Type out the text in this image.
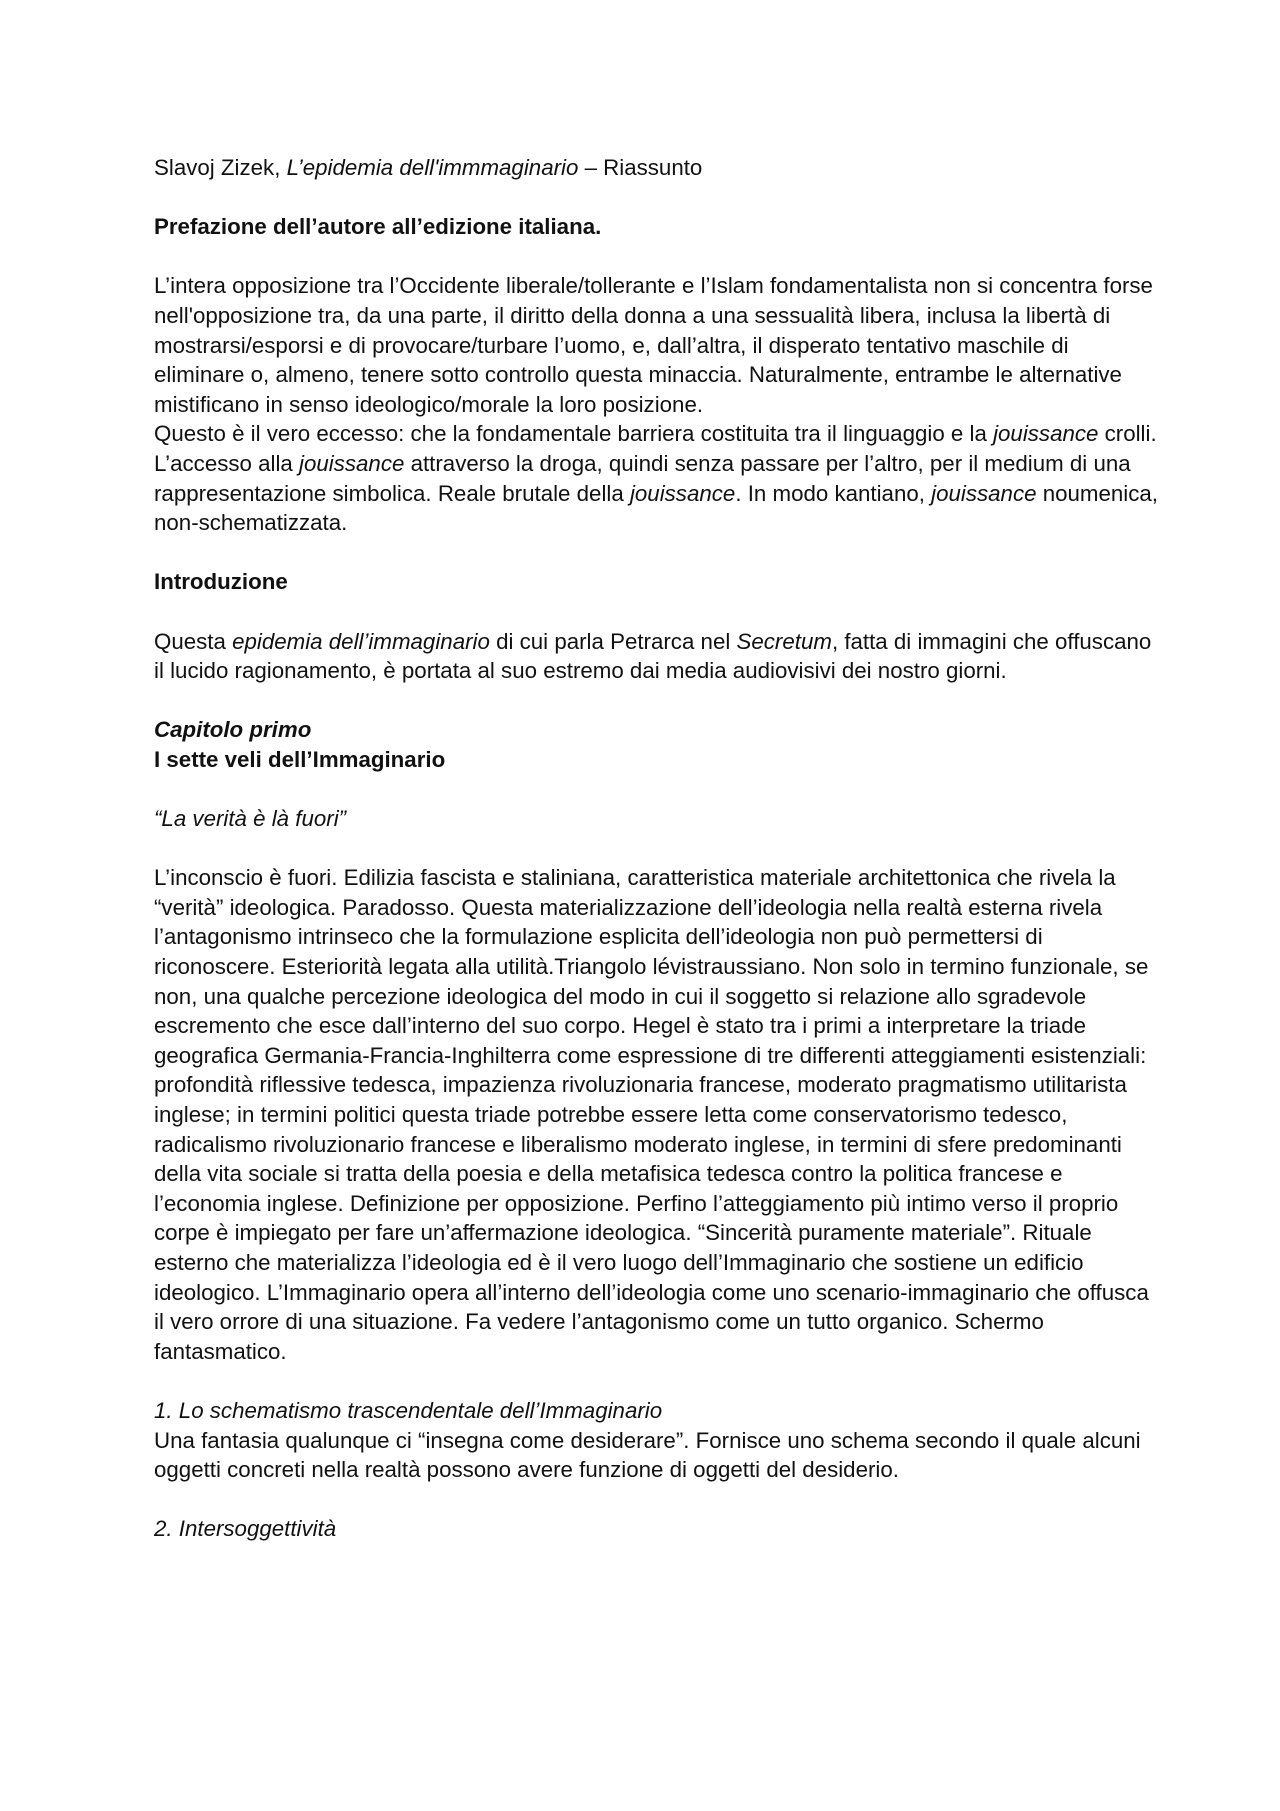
Slavoj Zizek, L’epidemia dell'immmaginario – Riassunto

Prefazione dell’autore all’edizione italiana.

L’intera opposizione tra l’Occidente liberale/tollerante e l’Islam fondamentalista non si concentra forse nell'opposizione tra, da una parte, il diritto della donna a una sessualità libera, inclusa la libertà di mostrarsi/esporsi e di provocare/turbare l’uomo, e, dall’altra, il disperato tentativo maschile di eliminare o, almeno, tenere sotto controllo questa minaccia. Naturalmente, entrambe le alternative mistificano in senso ideologico/morale la loro posizione.

Questo è il vero eccesso: che la fondamentale barriera costituita tra il linguaggio e la jouissance crolli. L’accesso alla jouissance attraverso la droga, quindi senza passare per l’altro, per il medium di una rappresentazione simbolica. Reale brutale della jouissance. In modo kantiano, jouissance noumenica, non-schematizzata.

Introduzione

Questa epidemia dell’immaginario di cui parla Petrarca nel Secretum, fatta di immagini che offuscano il lucido ragionamento, è portata al suo estremo dai media audiovisivi dei nostro giorni.

Capitolo primo

I sette veli dell’Immaginario

“La verità è là fuori”

L’inconscio è fuori. Edilizia fascista e staliniana, caratteristica materiale architettonica che rivela la “verità” ideologica. Paradosso. Questa materializzazione dell’ideologia nella realtà esterna rivela l’antagonismo intrinseco che la formulazione esplicita dell’ideologia non può permettersi di riconoscere. Esteriorità legata alla utilità.Triangolo lévistraussiano. Non solo in termino funzionale, se non, una qualche percezione ideologica del modo in cui il soggetto si relazione allo sgradevole escremento che esce dall’interno del suo corpo. Hegel è stato tra i primi a interpretare la triade geografica Germania-Francia-Inghilterra come espressione di tre differenti atteggiamenti esistenziali: profondità riflessive tedesca, impazienza rivoluzionaria francese, moderato pragmatismo utilitarista inglese; in termini politici questa triade potrebbe essere letta come conservatorismo tedesco, radicalismo rivoluzionario francese e liberalismo moderato inglese, in termini di sfere predominanti della vita sociale si tratta della poesia e della metafisica tedesca contro la politica francese e l’economia inglese. Definizione per opposizione. Perfino l’atteggiamento più intimo verso il proprio corpe è impiegato per fare un’affermazione ideologica. “Sincerità puramente materiale”. Rituale esterno che materializza l’ideologia ed è il vero luogo dell’Immaginario che sostiene un edificio ideologico. L’Immaginario opera all’interno dell’ideologia come uno scenario-immaginario che offusca il vero orrore di una situazione. Fa vedere l’antagonismo come un tutto organico. Schermo fantasmatico.

1. Lo schematismo trascendentale dell’Immaginario

Una fantasia qualunque ci “insegna come desiderare”. Fornisce uno schema secondo il quale alcuni oggetti concreti nella realtà possono avere funzione di oggetti del desiderio.

2. Intersoggettività
